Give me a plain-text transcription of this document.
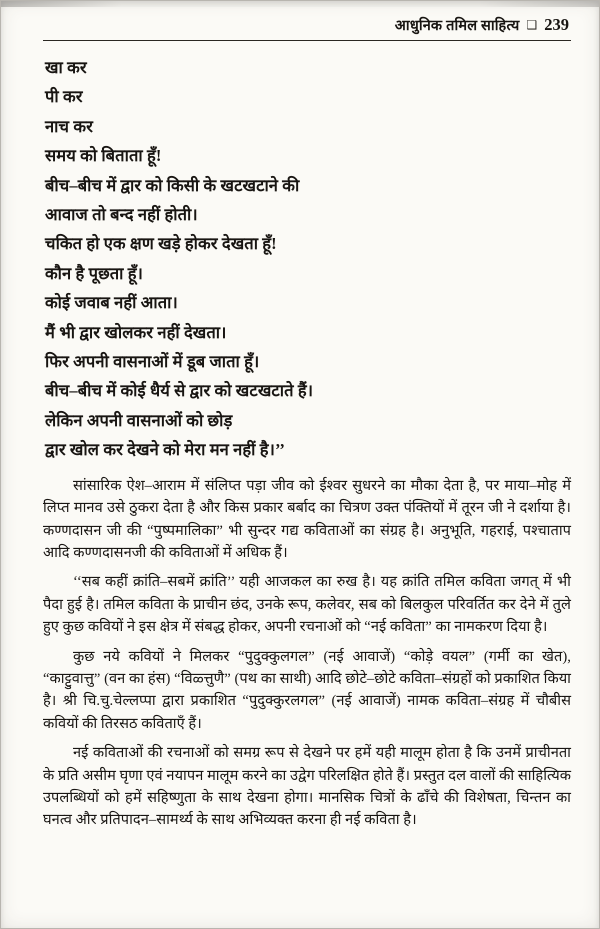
आधुनिक तमिल साहित्य ❑ 239
खा कर
पी कर
नाच कर
समय को बिताता हूँ!
बीच–बीच में द्वार को किसी के खटखटाने की
आवाज तो बन्द नहीं होती।
चकित हो एक क्षण खड़े होकर देखता हूँ!
कौन है पूछता हूँ।
कोई जवाब नहीं आता।
मैं भी द्वार खोलकर नहीं देखता।
फिर अपनी वासनाओं में डूब जाता हूँ।
बीच–बीच में कोई धैर्य से द्वार को खटखटाते हैं।
लेकिन अपनी वासनाओं को छोड़
द्वार खोल कर देखने को मेरा मन नहीं है।’’

सांसारिक ऐश–आराम में संलिप्त पड़ा जीव को ईश्वर सुधरने का मौका देता है, पर माया–मोह में लिप्त मानव उसे ठुकरा देता है और किस प्रकार बर्बाद का चित्रण उक्त पंक्तियों में तूरन जी ने दर्शाया है। कण्णदासन जी की “पुष्पमालिका” भी सुन्दर गद्य कविताओं का संग्रह है। अनुभूति, गहराई, पश्चाताप आदि कण्णदासनजी की कविताओं में अधिक हैं।

‘‘सब कहीं क्रांति–सबमें क्रांति’’ यही आजकल का रुख है। यह क्रांति तमिल कविता जगत् में भी पैदा हुई है। तमिल कविता के प्राचीन छंद, उनके रूप, कलेवर, सब को बिलकुल परिवर्तित कर देने में तुले हुए कुछ कवियों ने इस क्षेत्र में संबद्ध होकर, अपनी रचनाओं को “नई कविता” का नामकरण दिया है।

कुछ नये कवियों ने मिलकर “पुदुक्कुलगल” (नई आवाजें) “कोड़े वयल” (गर्मी का खेत), “काट्टुवात्तु” (वन का हंस) “विळ्त्तुणै” (पथ का साथी) आदि छोटे–छोटे कविता–संग्रहों को प्रकाशित किया है। श्री चि.चु.चेल्लप्पा द्वारा प्रकाशित “पुदुक्कुरलगल” (नई आवाजें) नामक कविता–संग्रह में चौबीस कवियों की तिरसठ कविताएँ हैं।

नई कविताओं की रचनाओं को समग्र रूप से देखने पर हमें यही मालूम होता है कि उनमें प्राचीनता के प्रति असीम घृणा एवं नयापन मालूम करने का उद्वेग परिलक्षित होते हैं। प्रस्तुत दल वालों की साहित्यिक उपलब्धियों को हमें सहिष्णुता के साथ देखना होगा। मानसिक चित्रों के ढाँचे की विशेषता, चिन्तन का घनत्व और प्रतिपादन–सामर्थ्य के साथ अभिव्यक्त करना ही नई कविता है।
